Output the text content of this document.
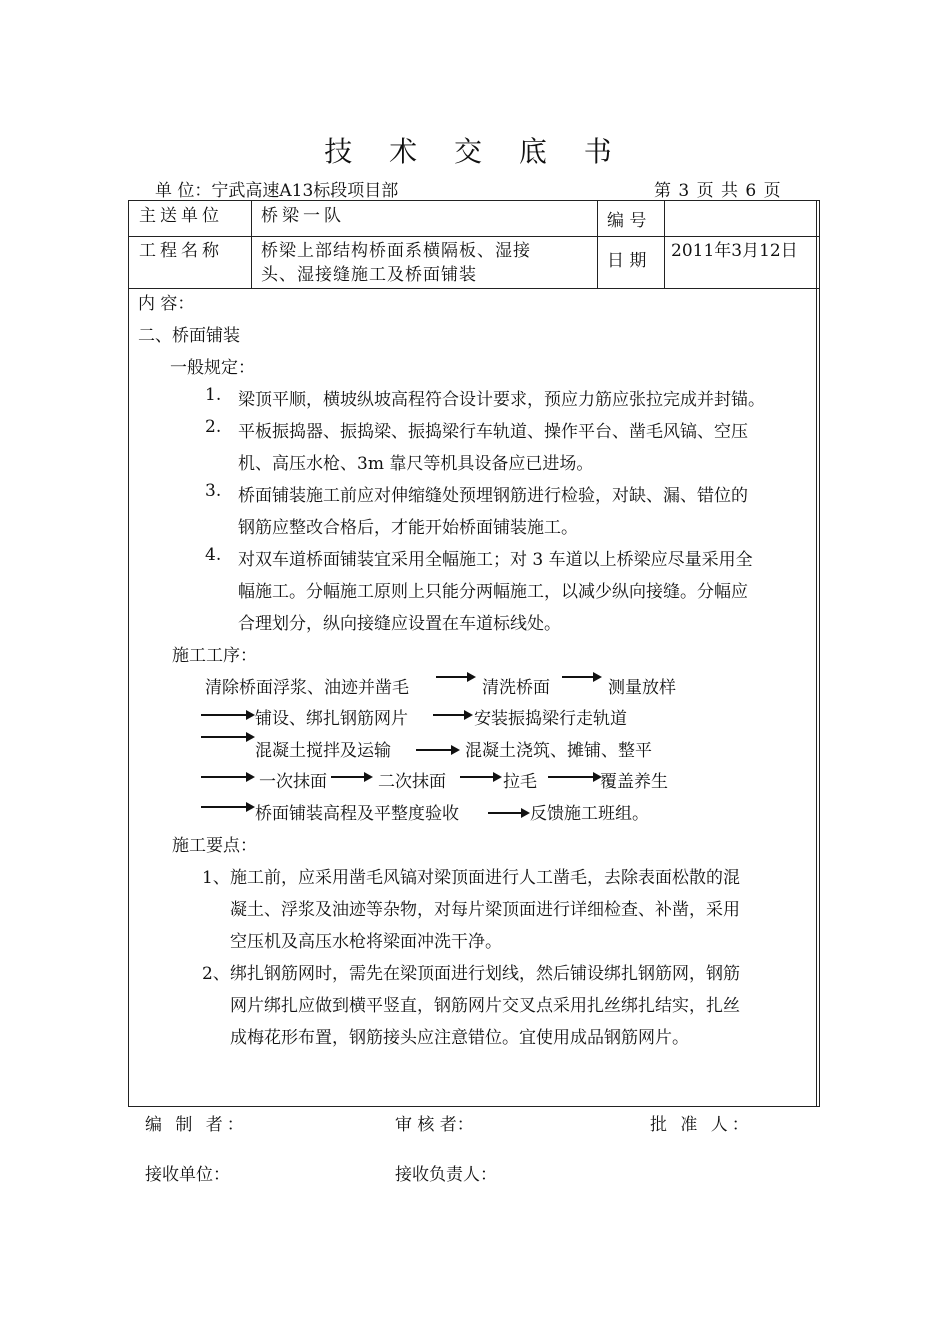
技 术 交 底 书
单 位：宁武高速A13标段项目部	第 3 页 共 6 页
主送单位 桥梁一队	编 号
工程名称 桥梁上部结构桥面系横隔板、湿接
头、湿接缝施工及桥面铺装
日 期 2011年3月12日
内 容：
二、桥面铺装
一般规定：
1. 梁顶平顺，横坡纵坡高程符合设计要求，预应力筋应张拉完成并封锚。
2. 平板振捣器、振捣梁、振捣梁行车轨道、操作平台、凿毛风镐、空压
机、高压水枪、3m 靠尺等机具设备应已进场。
3. 桥面铺装施工前应对伸缩缝处预埋钢筋进行检验，对缺、漏、错位的
钢筋应整改合格后，才能开始桥面铺装施工。
4. 对双车道桥面铺装宜采用全幅施工；对 3 车道以上桥梁应尽量采用全
幅施工。分幅施工原则上只能分两幅施工，以减少纵向接缝。分幅应
合理划分，纵向接缝应设置在车道标线处。
施工工序：
清除桥面浮浆、油迹并凿毛	清洗桥面	测量放样
铺设、绑扎钢筋网片	安装振捣梁行走轨道
混凝土搅拌及运输	混凝土浇筑、摊铺、整平
一次抹面	二次抹面	拉毛	覆盖养生
桥面铺装高程及平整度验收	反馈施工班组。
施工要点：
1、 施工前，应采用凿毛风镐对梁顶面进行人工凿毛，去除表面松散的混
凝土、浮浆及油迹等杂物，对每片梁顶面进行详细检查、补凿，采用
空压机及高压水枪将梁面冲洗干净。
2、 绑扎钢筋网时，需先在梁顶面进行划线，然后铺设绑扎钢筋网，钢筋
网片绑扎应做到横平竖直，钢筋网片交叉点采用扎丝绑扎结实，扎丝
成梅花形布置，钢筋接头应注意错位。宜使用成品钢筋网片。
编 制 者：	审 核 者：	批 准 人：
接收单位：	接收负责人：
